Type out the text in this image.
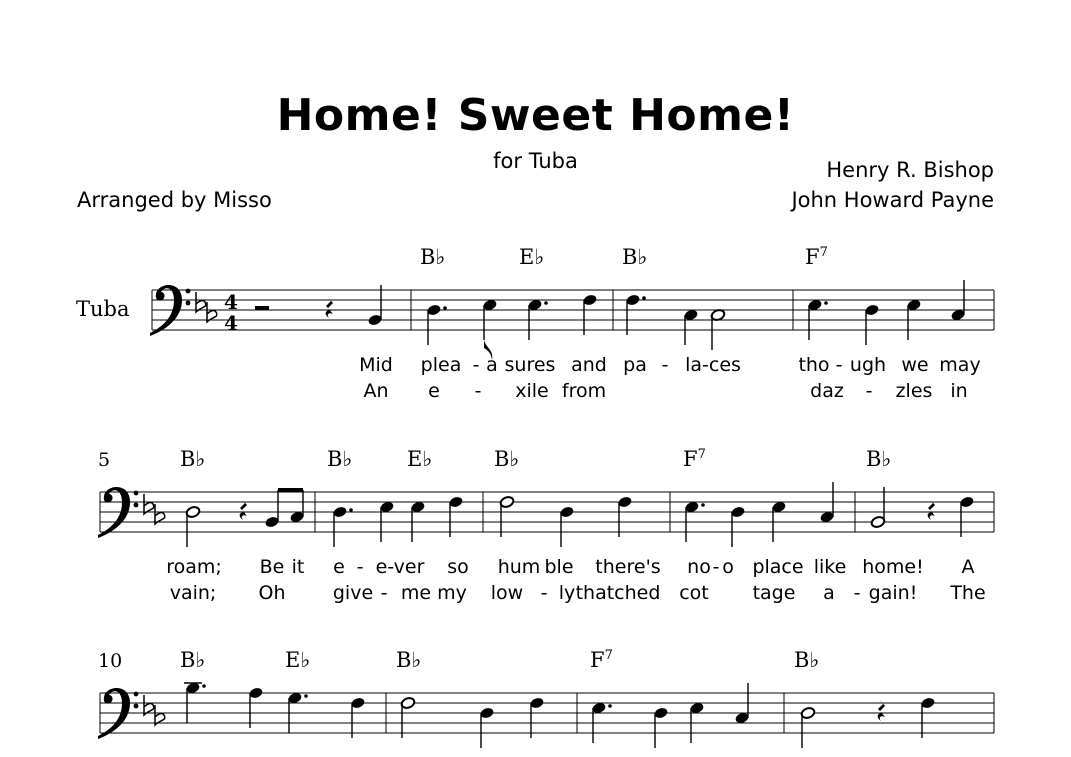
Home! Sweet Home!
for Tuba	Henry R. Bishop
John Howard Payne
Arranged by Misso
Tuba
5
10
B♭	E♭	B♭	$F^7$
B♭	B♭	E♭	B♭	$F^7$	B♭
B♭	E♭	B♭	$F^7$	B♭
Mid plea - a sures and pa - la-ces	tho - ugh we may
An e - xile from	daz - zles in
roam; Be it e - e-ver so hum ble there's no - o place like home! A
vain; Oh give - me my low - ly thatched cot tage a - gain! The
4
4
